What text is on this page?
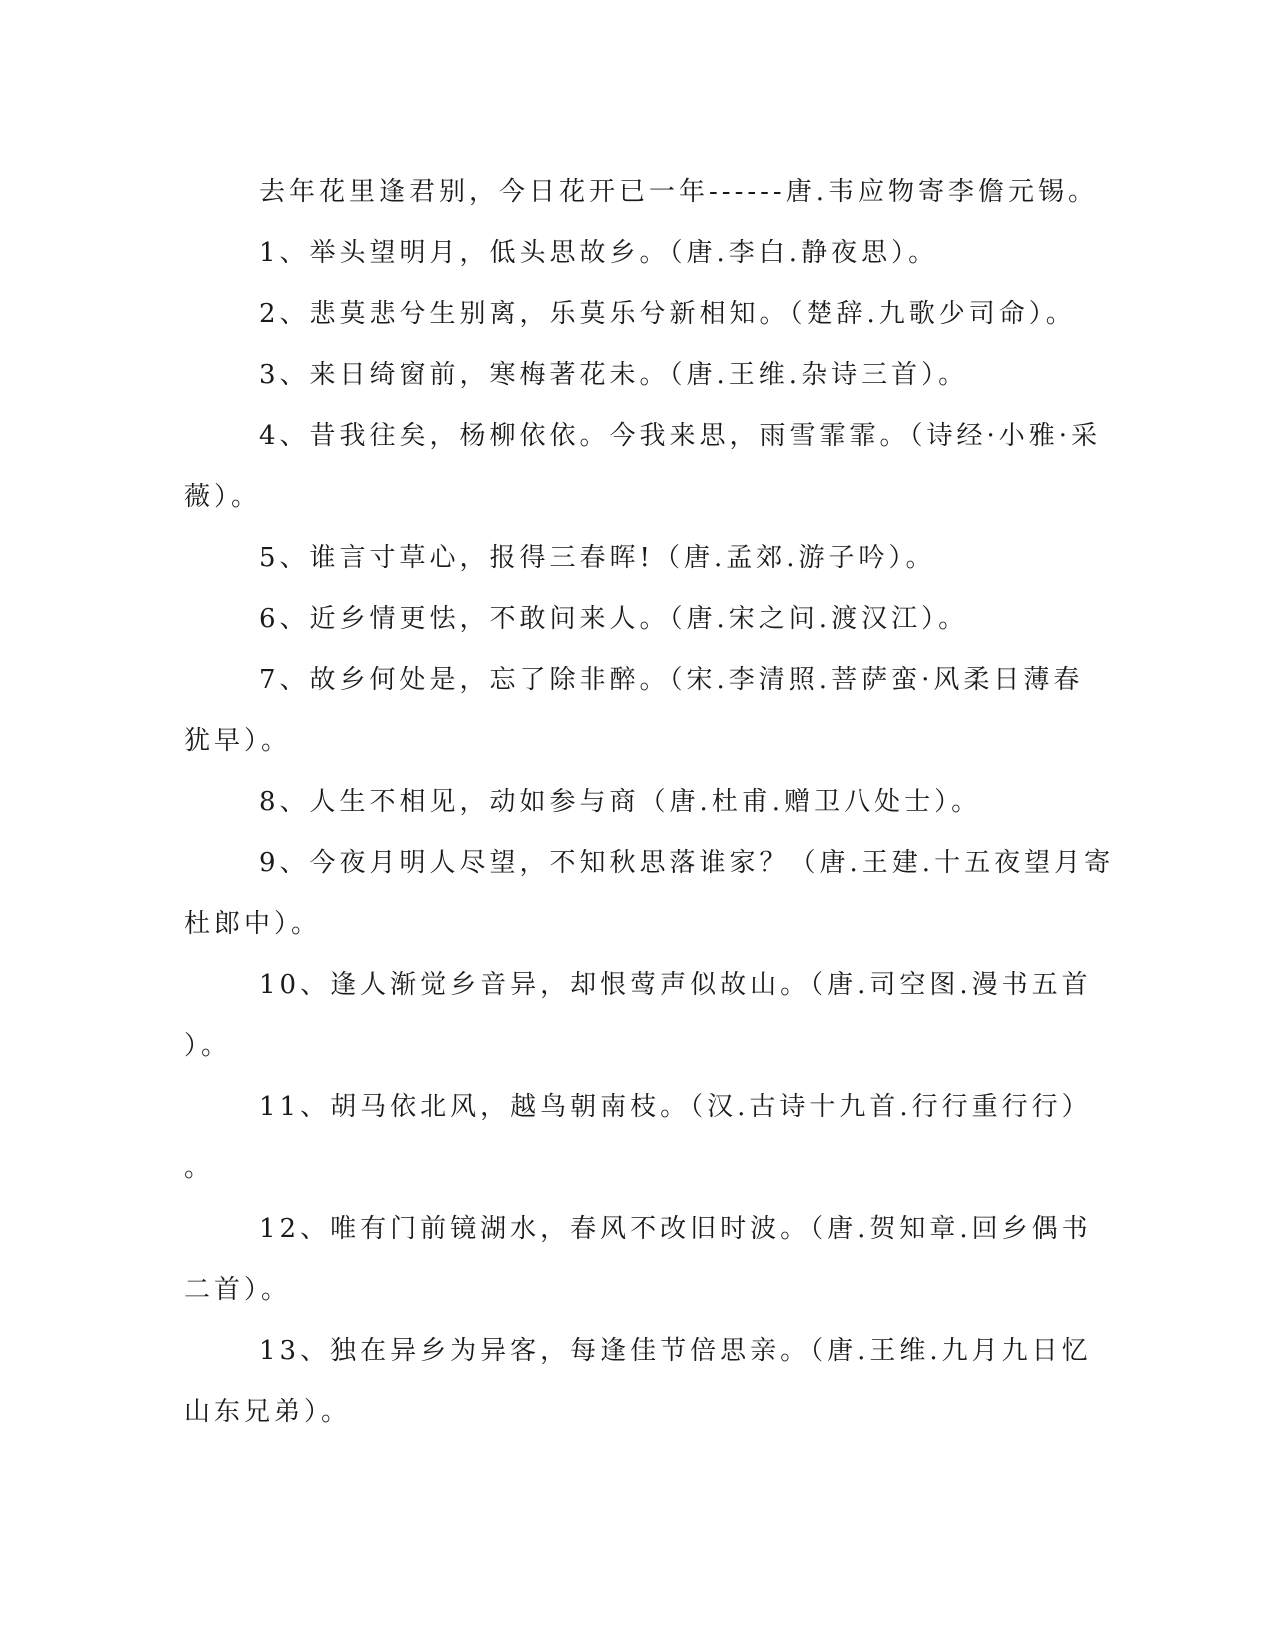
去年花里逢君别，今日花开已一年------唐.韦应物寄李儋元锡。
1、举头望明月，低头思故乡。（唐.李白.静夜思）。
2、悲莫悲兮生别离，乐莫乐兮新相知。（楚辞.九歌少司命）。
3、来日绮窗前，寒梅著花未。（唐.王维.杂诗三首）。
4、昔我往矣，杨柳依依。今我来思，雨雪霏霏。（诗经·小雅·采
薇）。
5、谁言寸草心，报得三春晖!（唐.孟郊.游子吟）。
6、近乡情更怯，不敢问来人。（唐.宋之问.渡汉江）。
7、故乡何处是，忘了除非醉。（宋.李清照.菩萨蛮·风柔日薄春
犹早）。
8、人生不相见，动如参与商（唐.杜甫.赠卫八处士）。
9、今夜月明人尽望，不知秋思落谁家？（唐.王建.十五夜望月寄
杜郎中）。
10、逢人渐觉乡音异，却恨莺声似故山。（唐.司空图.漫书五首
）。
11、胡马依北风，越鸟朝南枝。（汉.古诗十九首.行行重行行）
。
12、唯有门前镜湖水，春风不改旧时波。（唐.贺知章.回乡偶书
二首）。
13、独在异乡为异客，每逢佳节倍思亲。（唐.王维.九月九日忆
山东兄弟）。
